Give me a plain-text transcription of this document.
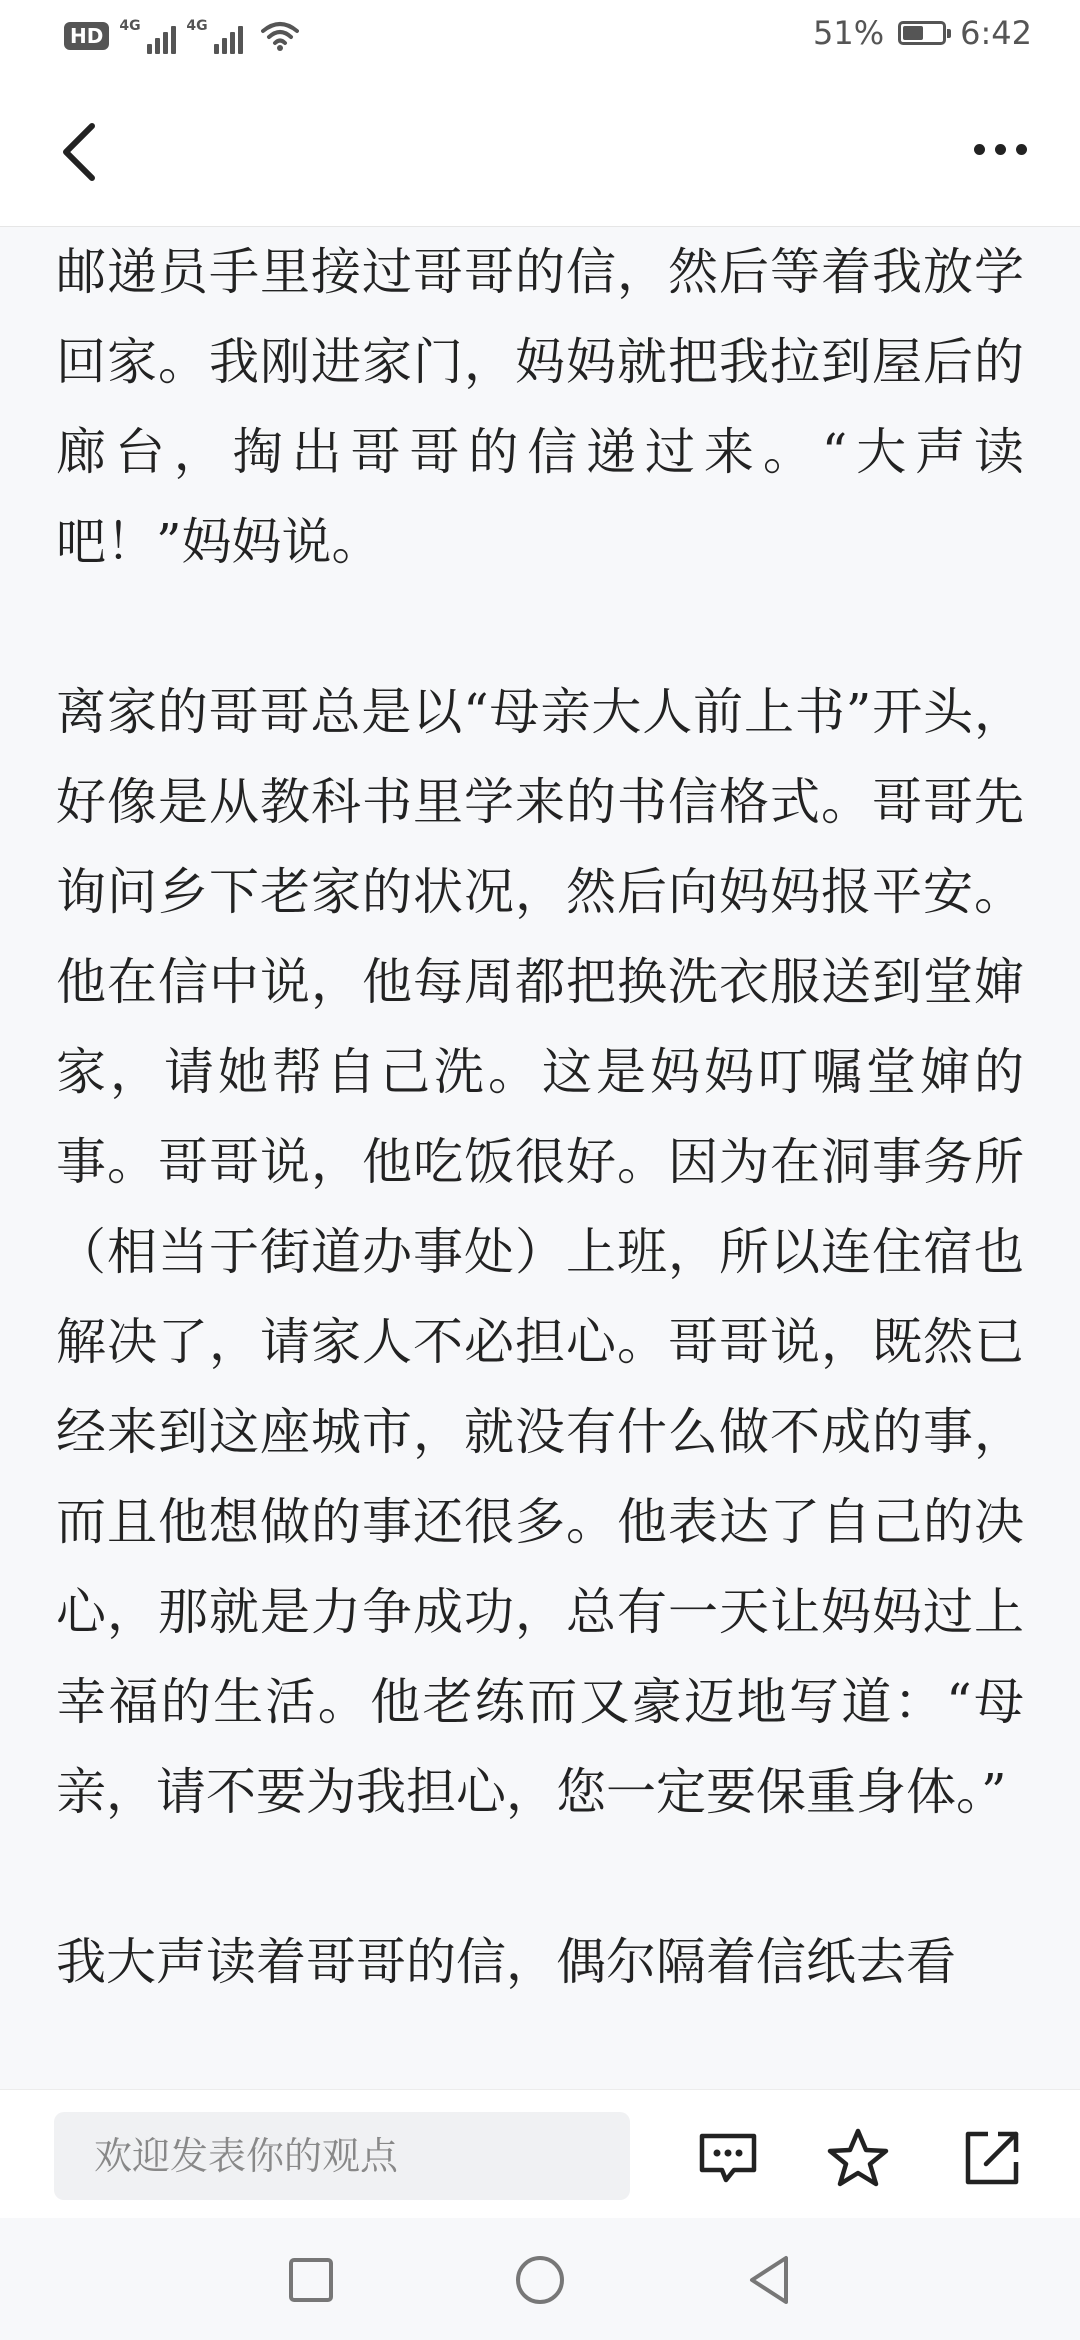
HD	4G	4G	51% 6:42

邮递员手里接过哥哥的信，然后等着我放学回家。我刚进家门，妈妈就把我拉到屋后的廊台，掏出哥哥的信递过来。“大声读吧！”妈妈说。

离家的哥哥总是以“母亲大人前上书”开头，好像是从教科书里学来的书信格式。哥哥先询问乡下老家的状况，然后向妈妈报平安。他在信中说，他每周都把换洗衣服送到堂婶家，请她帮自己洗。这是妈妈叮嘱堂婶的事。哥哥说，他吃饭很好。因为在洞事务所（相当于街道办事处）上班，所以连住宿也解决了，请家人不必担心。哥哥说，既然已经来到这座城市，就没有什么做不成的事，而且他想做的事还很多。他表达了自己的决心，那就是力争成功，总有一天让妈妈过上幸福的生活。他老练而又豪迈地写道：“母亲，请不要为我担心，您一定要保重身体。”

我大声读着哥哥的信，偶尔隔着信纸去看

欢迎发表你的观点
